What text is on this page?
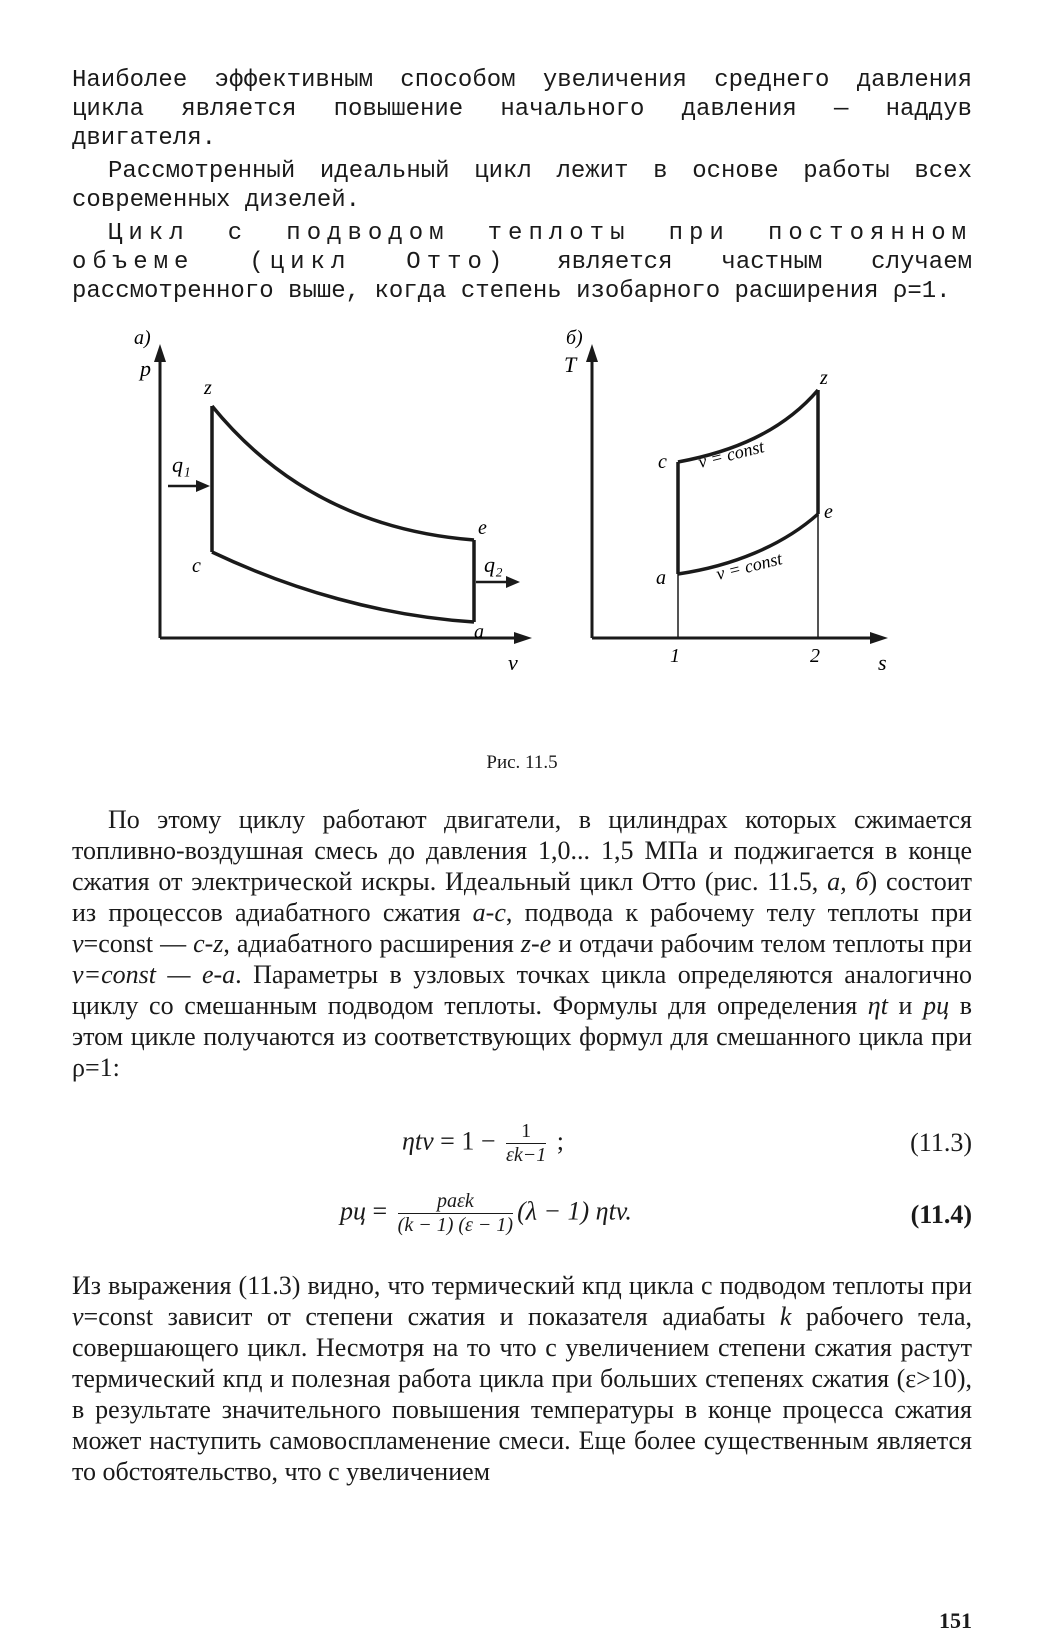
Наиболее эффективным способом увеличения среднего давления цикла является повышение начального давления — наддув двигателя.

Рассмотренный идеальный цикл лежит в основе работы всех современных дизелей.

Цикл с подводом теплоты при постоянном объеме (цикл Отто) является частным случаем рассмотренного выше, когда степень изобарного расширения ρ=1.

а)
p
v
z
c
e
a
q₁
q₂
б)
T
s
z
c
e
a
v = const
v = const
1	2
Рис. 11.5

По этому циклу работают двигатели, в цилиндрах которых сжимается топливно-воздушная смесь до давления 1,0... 1,5 МПа и поджигается в конце сжатия от электрической искры. Идеальный цикл Отто (рис. 11.5, а, б) состоит из процессов адиабатного сжатия а-с, подвода к рабочему телу теплоты при v=const — c-z, адиабатного расширения z-e и отдачи рабочим телом теплоты при v=const — e-a. Параметры в узловых точках цикла определяются аналогично циклу со смешанным подводом теплоты. Формулы для определения ηt и pц в этом цикле получаются из соответствующих формул для смешанного цикла при ρ=1:

$\eta tv = 1 - \frac{1}{\varepsilon k-1}$ ;	(11.3)
pц =	paεk
(k − 1) (ε − 1) (λ − 1) ηtv.	(11.4)

Из выражения (11.3) видно, что термический кпд цикла с подводом теплоты при v=const зависит от степени сжатия и показателя адиабаты k рабочего тела, совершающего цикл. Несмотря на то что с увеличением степени сжатия растут термический кпд и полезная работа цикла при больших степенях сжатия (ε>10), в результате значительного повышения температуры в конце процесса сжатия может наступить самовоспламенение смеси. Еще более существенным является то обстоятельство, что с увеличением

151
